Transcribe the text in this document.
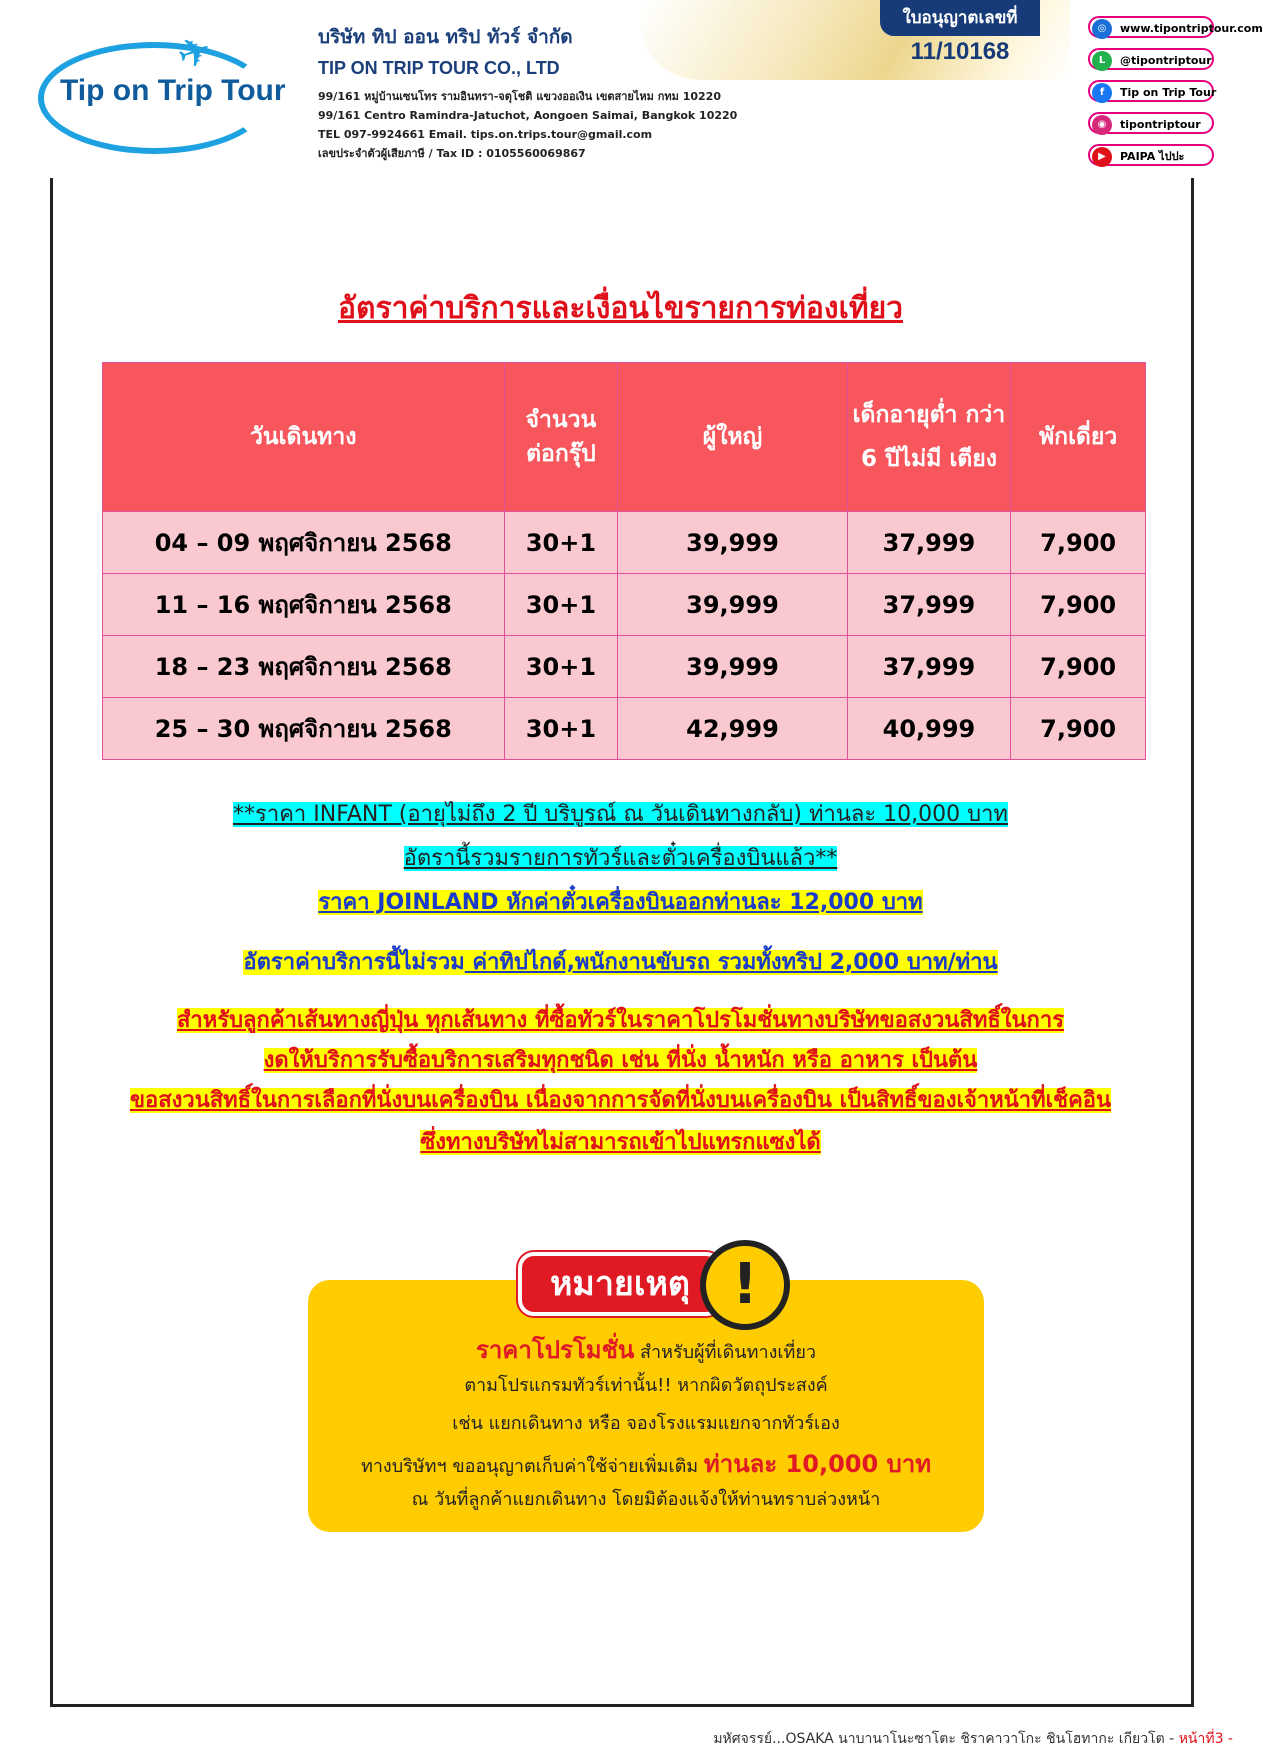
✈
Tip on Trip Tour
บริษัท ทิป ออน ทริป ทัวร์ จำกัด
TIP ON TRIP TOUR CO., LTD
99/161 หมู่บ้านเซนโทร รามอินทรา-จตุโชติ แขวงออเงิน เขตสายไหม กทม 10220
99/161 Centro Ramindra-Jatuchot, Aongoen Saimai, Bangkok 10220
TEL 097-9924661 Email. tips.on.trips.tour@gmail.com
เลขประจำตัวผู้เสียภาษี / Tax ID : 0105560069867
ใบอนุญาตเลขที่
11/10168
◎	www.tipontriptour.com
L	@tipontriptour
f	Tip on Trip Tour
◉	tipontriptour
▶	PAIPA ไปปะ
อัตราค่าบริการและเงื่อนไขรายการท่องเที่ยว
วันเดินทาง	จำนวน ต่อกรุ๊ป	ผู้ใหญ่	เด็กอายุต่ำ กว่า 6 ปีไม่มี เตียง	พักเดี่ยว
04 – 09 พฤศจิกายน 2568	30+1	39,999	37,999	7,900
11 – 16 พฤศจิกายน 2568	30+1	39,999	37,999	7,900
18 – 23 พฤศจิกายน 2568	30+1	39,999	37,999	7,900
25 – 30 พฤศจิกายน 2568	30+1	42,999	40,999	7,900
**ราคา INFANT (อายุไม่ถึง 2 ปี บริบูรณ์ ณ วันเดินทางกลับ) ท่านละ 10,000 บาท
อัตรานี้รวมรายการทัวร์และตั๋วเครื่องบินแล้ว**
ราคา JOINLAND หักค่าตั๋วเครื่องบินออกท่านละ 12,000 บาท
อัตราค่าบริการนี้ไม่รวม ค่าทิปไกด์,พนักงานขับรถ รวมทั้งทริป 2,000 บาท/ท่าน
สำหรับลูกค้าเส้นทางญี่ปุ่น ทุกเส้นทาง ที่ซื้อทัวร์ในราคาโปรโมชั่นทางบริษัทขอสงวนสิทธิ์ในการ
งดให้บริการรับซื้อบริการเสริมทุกชนิด เช่น ที่นั่ง น้ำหนัก หรือ อาหาร เป็นต้น
ขอสงวนสิทธิ์ในการเลือกที่นั่งบนเครื่องบิน เนื่องจากการจัดที่นั่งบนเครื่องบิน เป็นสิทธิ์ของเจ้าหน้าที่เช็คอิน
ซึ่งทางบริษัทไม่สามารถเข้าไปแทรกแซงได้
หมายเหตุ !
ราคาโปรโมชั่น สำหรับผู้ที่เดินทางเที่ยว
ตามโปรแกรมทัวร์เท่านั้น!! หากผิดวัตถุประสงค์
เช่น แยกเดินทาง หรือ จองโรงแรมแยกจากทัวร์เอง
ทางบริษัทฯ ขออนุญาตเก็บค่าใช้จ่ายเพิ่มเติม ท่านละ 10,000 บาท
ณ วันที่ลูกค้าแยกเดินทาง โดยมิต้องแจ้งให้ท่านทราบล่วงหน้า
มหัศจรรย์...OSAKA นาบานาโนะซาโตะ ชิราคาวาโกะ ชินโฮทากะ เกียวโต - หน้าที่3 -
